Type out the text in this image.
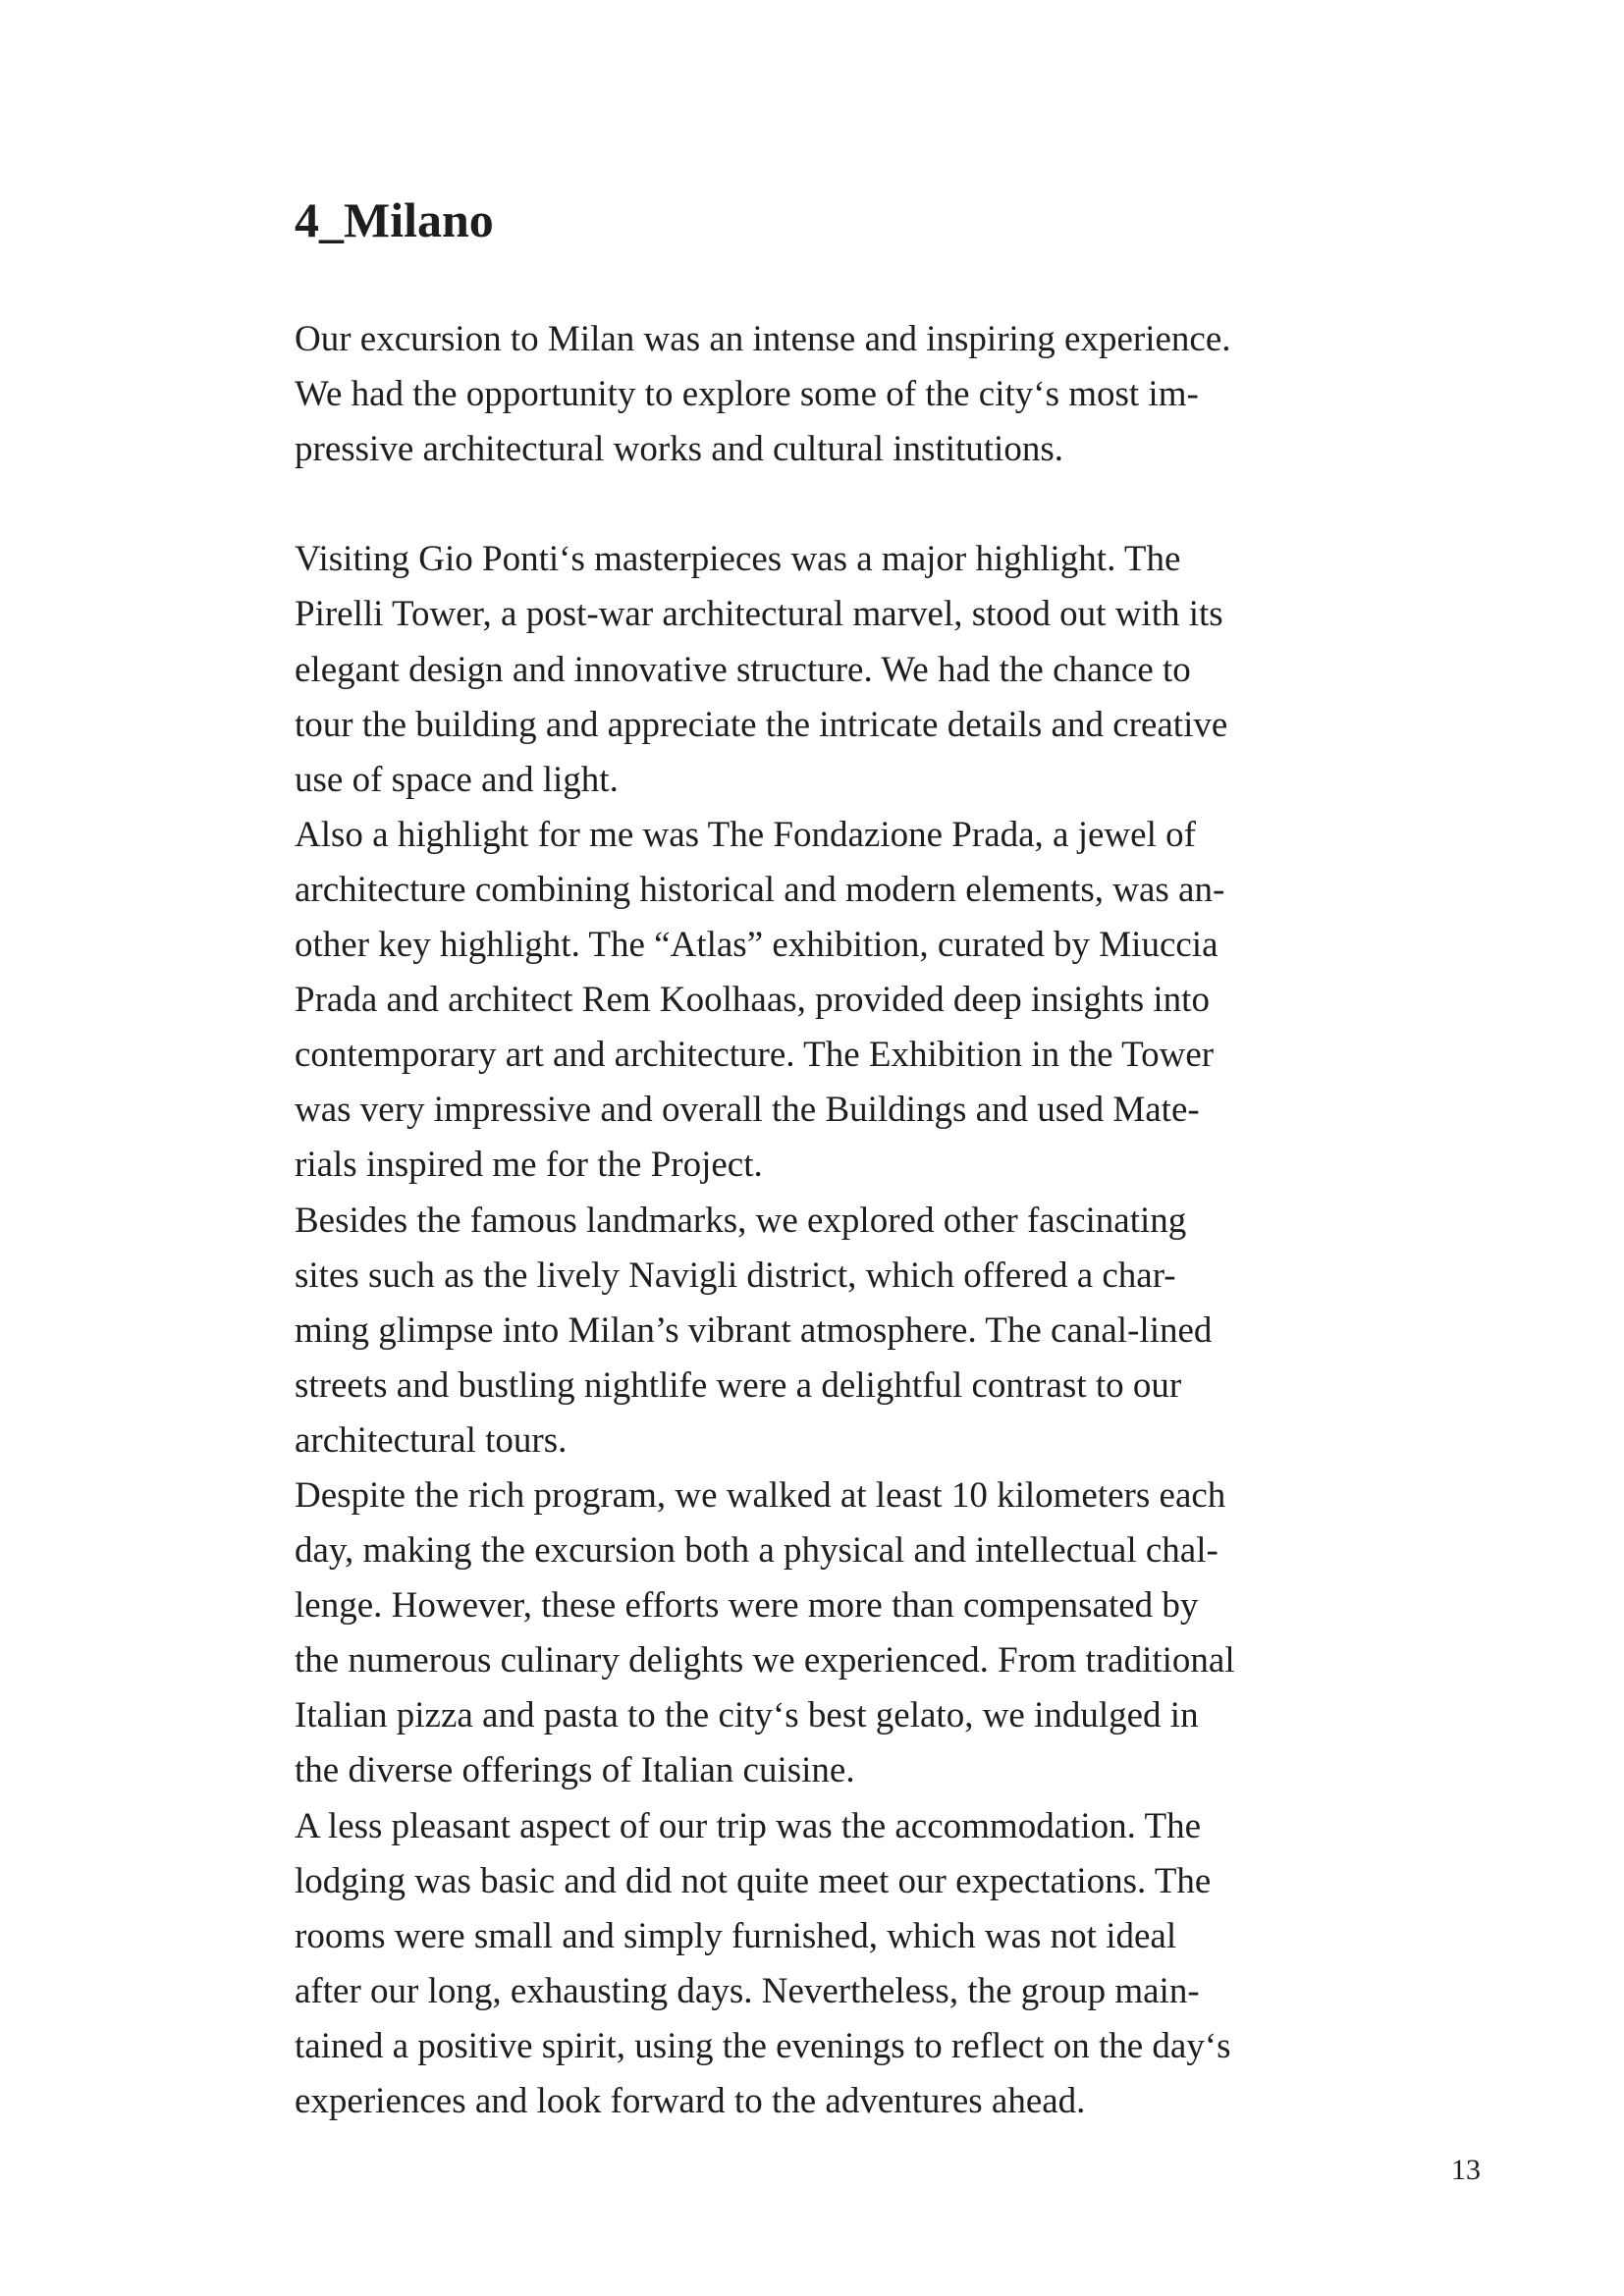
4_Milano
Our excursion to Milan was an intense and inspiring experience.
We had the opportunity to explore some of the city‘s most im-
pressive architectural works and cultural institutions.
Visiting Gio Ponti‘s masterpieces was a major highlight. The
Pirelli Tower, a post-war architectural marvel, stood out with its
elegant design and innovative structure. We had the chance to
tour the building and appreciate the intricate details and creative
use of space and light.
Also a highlight for me was The Fondazione Prada, a jewel of
architecture combining historical and modern elements, was an-
other key highlight. The “Atlas” exhibition, curated by Miuccia
Prada and architect Rem Koolhaas, provided deep insights into
contemporary art and architecture. The Exhibition in the Tower
was very impressive and overall the Buildings and used Mate-
rials inspired me for the Project.
Besides the famous landmarks, we explored other fascinating
sites such as the lively Navigli district, which offered a char-
ming glimpse into Milan’s vibrant atmosphere. The canal-lined
streets and bustling nightlife were a delightful contrast to our
architectural tours.
Despite the rich program, we walked at least 10 kilometers each
day, making the excursion both a physical and intellectual chal-
lenge. However, these efforts were more than compensated by
the numerous culinary delights we experienced. From traditional
Italian pizza and pasta to the city‘s best gelato, we indulged in
the diverse offerings of Italian cuisine.
A less pleasant aspect of our trip was the accommodation. The
lodging was basic and did not quite meet our expectations. The
rooms were small and simply furnished, which was not ideal
after our long, exhausting days. Nevertheless, the group main-
tained a positive spirit, using the evenings to reflect on the day‘s
experiences and look forward to the adventures ahead.
13
